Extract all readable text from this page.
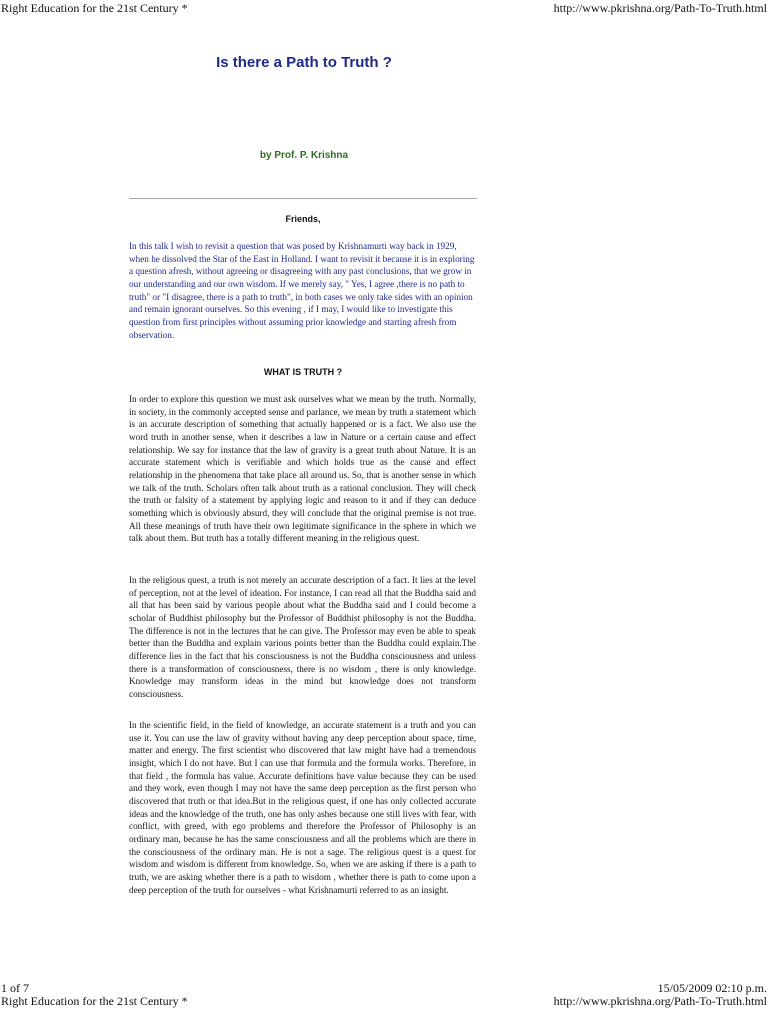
Right Education for the 21st Century *	http://www.pkrishna.org/Path-To-Truth.html
Is there a Path to Truth ?
by Prof. P. Krishna
Friends,

In this talk I wish to revisit a question that was posed by Krishnamurti way back in 1929, when he dissolved the Star of the East in Holland. I want to revisit it because it is in exploring a question afresh, without agreeing or disagreeing with any past conclusions, that we grow in our understanding and our own wisdom. If we merely say, " Yes, I agree ,there is no path to truth" or "I disagree, there is a path to truth", in both cases we only take sides with an opinion and remain ignorant ourselves. So this evening , if I may, I would like to investigate this question from first principles without assuming prior knowledge and starting afresh from observation.

WHAT IS TRUTH ?

In order to explore this question we must ask ourselves what we mean by the truth. Normally, in society, in the commonly accepted sense and parlance, we mean by truth a statement which is an accurate description of something that actually happened or is a fact. We also use the word truth in another sense, when it describes a law in Nature or a certain cause and effect relationship. We say for instance that the law of gravity is a great truth about Nature. It is an accurate statement which is verifiable and which holds true as the cause and effect relationship in the phenomena that take place all around us. So, that is another sense in which we talk of the truth. Scholars often talk about truth as a rational conclusion. They will check the truth or falsity of a statement by applying logic and reason to it and if they can deduce something which is obviously absurd, they will conclude that the original premise is not true. All these meanings of truth have their own legitimate significance in the sphere in which we talk about them. But truth has a totally different meaning in the religious quest.

In the religious quest, a truth is not merely an accurate description of a fact. It lies at the level of perception, not at the level of ideation. For instance, I can read all that the Buddha said and all that has been said by various people about what the Buddha said and I could become a scholar of Buddhist philosophy but the Professor of Buddhist philosophy is not the Buddha. The difference is not in the lectures that he can give. The Professor may even be able to speak better than the Buddha and explain various points better than the Buddha could explain.The difference lies in the fact that his consciousness is not the Buddha consciousness and unless there is a transformation of consciousness, there is no wisdom , there is only knowledge. Knowledge may transform ideas in the mind but knowledge does not transform consciousness.

In the scientific field, in the field of knowledge, an accurate statement is a truth and you can use it. You can use the law of gravity without having any deep perception about space, time, matter and energy. The first scientist who discovered that law might have had a tremendous insight, which I do not have. But I can use that formula and the formula works. Therefore, in that field , the formula has value. Accurate definitions have value because they can be used and they work, even though I may not have the same deep perception as the first person who discovered that truth or that idea.But in the religious quest, if one has only collected accurate ideas and the knowledge of the truth, one has only ashes because one still lives with fear, with conflict, with greed, with ego problems and therefore the Professor of Philosophy is an ordinary man, because he has the same consciousness and all the problems which are there in the consciousness of the ordinary man. He is not a sage. The religious quest is a quest for wisdom and wisdom is different from knowledge. So, when we are asking if there is a path to truth, we are asking whether there is a path to wisdom , whether there is path to come upon a deep perception of the truth for ourselves - what Krishnamurti referred to as an insight.

1 of 7	15/05/2009 02:10 p.m.
Right Education for the 21st Century *	http://www.pkrishna.org/Path-To-Truth.html
